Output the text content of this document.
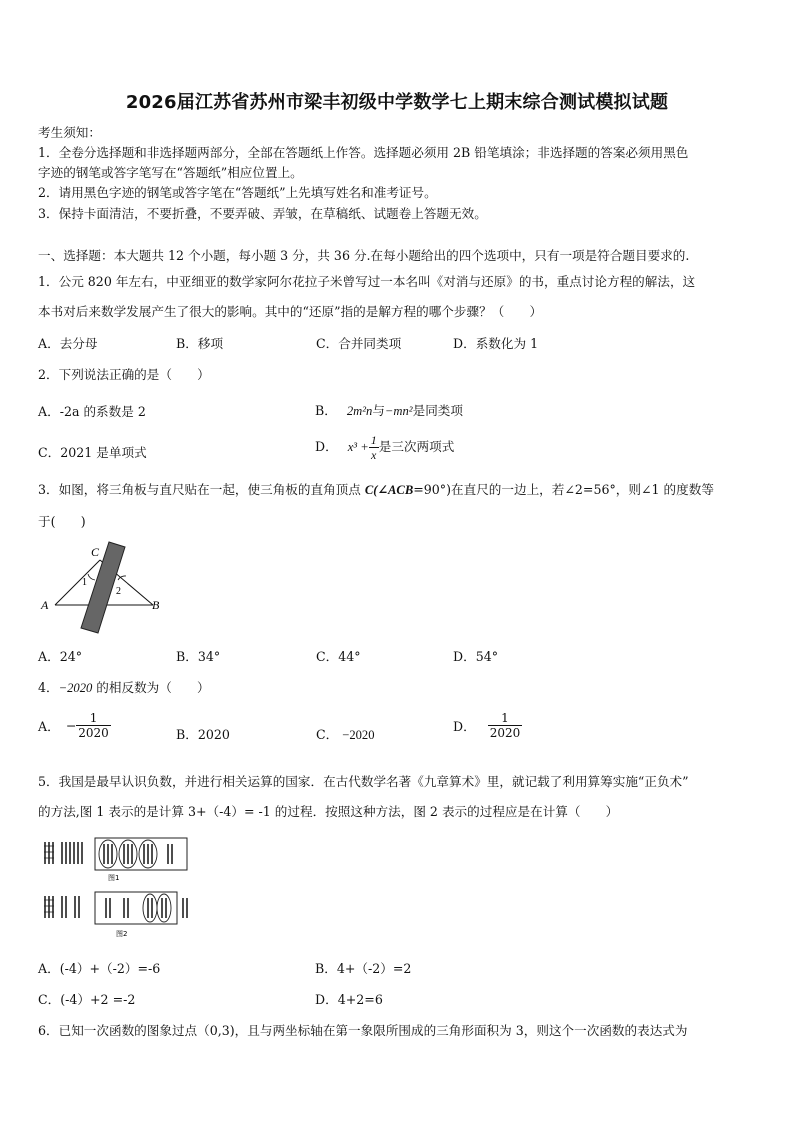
2026届江苏省苏州市梁丰初级中学数学七上期末综合测试模拟试题
考生须知：
1．全卷分选择题和非选择题两部分，全部在答题纸上作答。选择题必须用 2B 铅笔填涂；非选择题的答案必须用黑色
字迹的钢笔或答字笔写在“答题纸”相应位置上。
2．请用黑色字迹的钢笔或答字笔在“答题纸”上先填写姓名和准考证号。
3．保持卡面清洁，不要折叠，不要弄破、弄皱，在草稿纸、试题卷上答题无效。
一、选择题：本大题共 12 个小题，每小题 3 分，共 36 分.在每小题给出的四个选项中，只有一项是符合题目要求的.
1．公元 820 年左右，中亚细亚的数学家阿尔花拉子米曾写过一本名叫《对消与还原》的书，重点讨论方程的解法，这
本书对后来数学发展产生了很大的影响。其中的“还原”指的是解方程的哪个步骤？（　　）
A．去分母	B．移项	C．合并同类项	D．系数化为 1
2．下列说法正确的是（　　）
A．-2a 的系数是 2	B． 2m²n与−mn²是同类项
C．2021 是单项式	D． $x^3 + \frac{1}{x}$ 是三次两项式
3．如图，将三角板与直尺贴在一起，使三角板的直角顶点 C(∠ACB=90°)在直尺的一边上，若∠2=56°，则∠1 的度数等
于(　　)
C
A	B
1
2
A．24°	B．34°	C．44°	D．54°
4．−2020 的相反数为（　　）
A． − $\frac{1}{2020}$	B．2020	C． −2020
D． $\frac{1}{2020}$
5．我国是最早认识负数，并进行相关运算的国家．在古代数学名著《九章算术》里，就记载了利用算筹实施“正负术”
的方法,图 1 表示的是计算 3+（-4）= -1 的过程．按照这种方法，图 2 表示的过程应是在计算（　　）
图1
图2
A．(-4）+（-2）=-6	B．4+（-2）=2
C．(-4）+2 =-2	D．4+2=6
6．已知一次函数的图象过点（0,3)，且与两坐标轴在第一象限所围成的三角形面积为 3，则这个一次函数的表达式为
